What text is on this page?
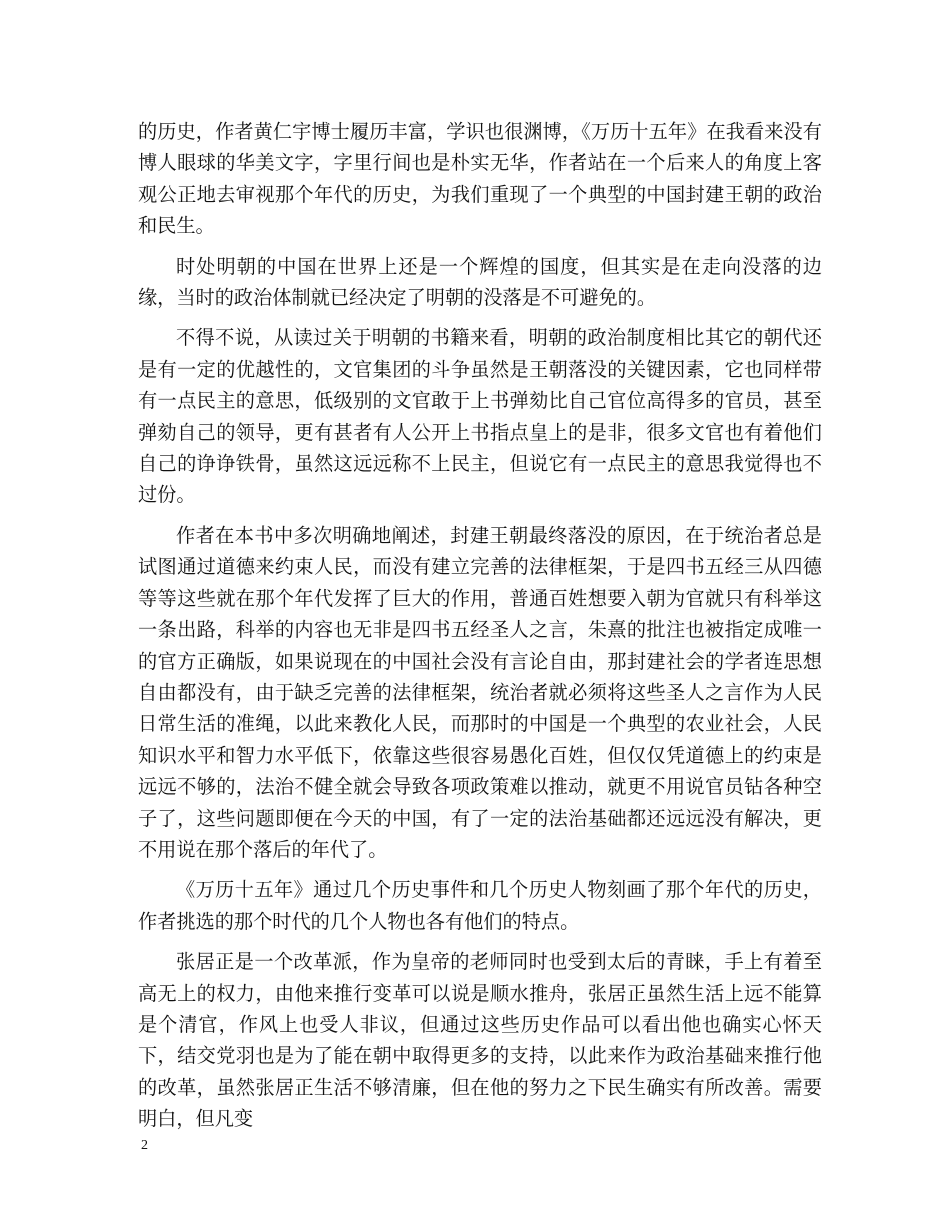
的历史，作者黄仁宇博士履历丰富，学识也很渊博，《万历十五年》在我看来没有博人眼球的华美文字，字里行间也是朴实无华，作者站在一个后来人的角度上客观公正地去审视那个年代的历史，为我们重现了一个典型的中国封建王朝的政治和民生。

时处明朝的中国在世界上还是一个辉煌的国度，但其实是在走向没落的边缘，当时的政治体制就已经决定了明朝的没落是不可避免的。

不得不说，从读过关于明朝的书籍来看，明朝的政治制度相比其它的朝代还是有一定的优越性的，文官集团的斗争虽然是王朝落没的关键因素，它也同样带有一点民主的意思，低级别的文官敢于上书弹劾比自己官位高得多的官员，甚至弹劾自己的领导，更有甚者有人公开上书指点皇上的是非，很多文官也有着他们自己的诤诤铁骨，虽然这远远称不上民主，但说它有一点民主的意思我觉得也不过份。

作者在本书中多次明确地阐述，封建王朝最终落没的原因，在于统治者总是试图通过道德来约束人民，而没有建立完善的法律框架，于是四书五经三从四德等等这些就在那个年代发挥了巨大的作用，普通百姓想要入朝为官就只有科举这一条出路，科举的内容也无非是四书五经圣人之言，朱熹的批注也被指定成唯一的官方正确版，如果说现在的中国社会没有言论自由，那封建社会的学者连思想自由都没有，由于缺乏完善的法律框架，统治者就必须将这些圣人之言作为人民日常生活的准绳，以此来教化人民，而那时的中国是一个典型的农业社会，人民知识水平和智力水平低下，依靠这些很容易愚化百姓，但仅仅凭道德上的约束是远远不够的，法治不健全就会导致各项政策难以推动，就更不用说官员钻各种空子了，这些问题即便在今天的中国，有了一定的法治基础都还远远没有解决，更不用说在那个落后的年代了。

《万历十五年》通过几个历史事件和几个历史人物刻画了那个年代的历史，作者挑选的那个时代的几个人物也各有他们的特点。

张居正是一个改革派，作为皇帝的老师同时也受到太后的青睐，手上有着至高无上的权力，由他来推行变革可以说是顺水推舟，张居正虽然生活上远不能算是个清官，作风上也受人非议，但通过这些历史作品可以看出他也确实心怀天下，结交党羽也是为了能在朝中取得更多的支持，以此来作为政治基础来推行他的改革，虽然张居正生活不够清廉，但在他的努力之下民生确实有所改善。需要明白，但凡变

2
